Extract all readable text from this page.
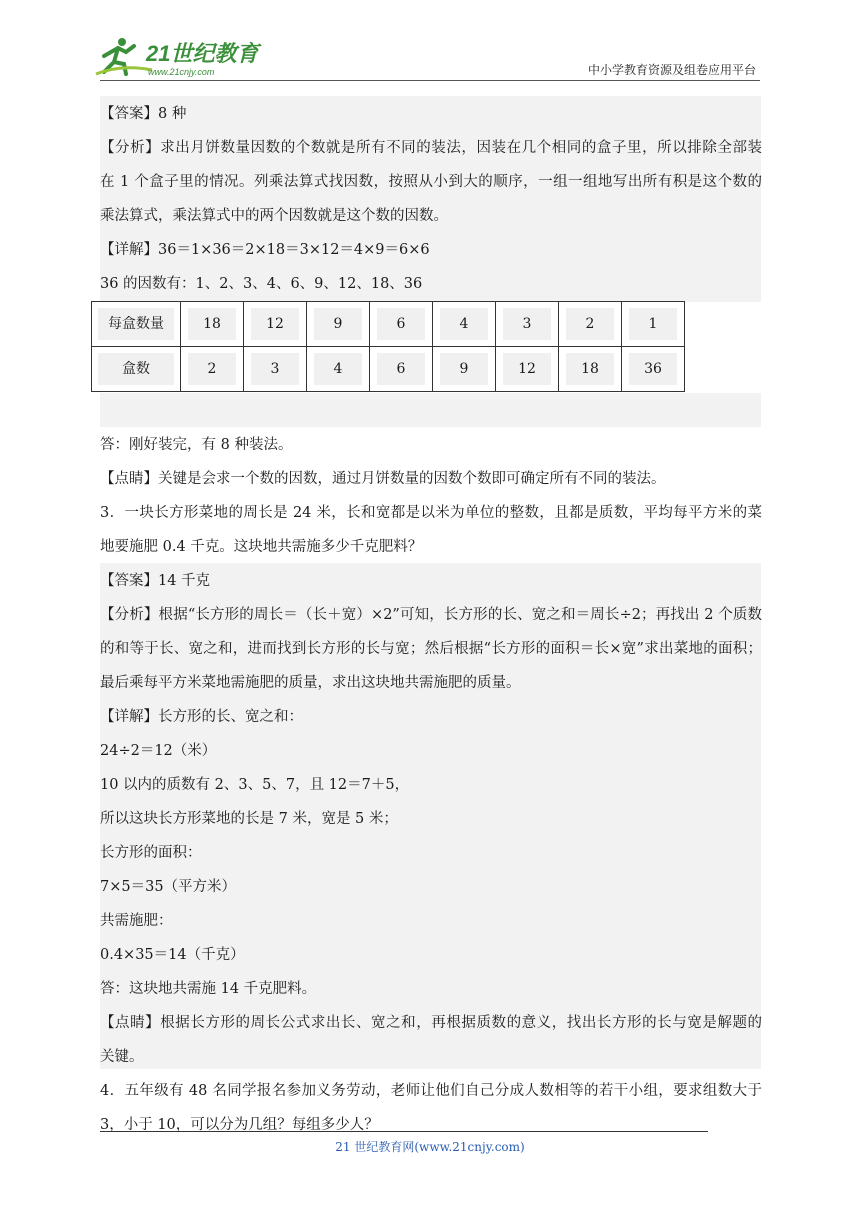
21世纪教育
www.21cnjy.com	中小学教育资源及组卷应用平台
【答案】8 种
【分析】求出月饼数量因数的个数就是所有不同的装法，因装在几个相同的盒子里，所以排除全部装
在 1 个盒子里的情况。列乘法算式找因数，按照从小到大的顺序，一组一组地写出所有积是这个数的
乘法算式，乘法算式中的两个因数就是这个数的因数。
【详解】36＝1×36＝2×18＝3×12＝4×9＝6×6
36 的因数有：1、2、3、4、6、9、12、18、36
每盒数量	18	12	9	6	4	3	2	1
盒数	2	3	4	6	9	12	18	36
答：刚好装完，有 8 种装法。
【点睛】关键是会求一个数的因数，通过月饼数量的因数个数即可确定所有不同的装法。
3．一块长方形菜地的周长是 24 米，长和宽都是以米为单位的整数，且都是质数，平均每平方米的菜
地要施肥 0.4 千克。这块地共需施多少千克肥料？
【答案】14 千克
【分析】根据“长方形的周长＝（长＋宽）×2”可知，长方形的长、宽之和＝周长÷2；再找出 2 个质数
的和等于长、宽之和，进而找到长方形的长与宽；然后根据“长方形的面积＝长×宽”求出菜地的面积；
最后乘每平方米菜地需施肥的质量，求出这块地共需施肥的质量。
【详解】长方形的长、宽之和：
24÷2＝12（米）
10 以内的质数有 2、3、5、7，且 12＝7＋5，
所以这块长方形菜地的长是 7 米，宽是 5 米；
长方形的面积：
7×5＝35（平方米）
共需施肥：
0.4×35＝14（千克）
答：这块地共需施 14 千克肥料。
【点睛】根据长方形的周长公式求出长、宽之和，再根据质数的意义，找出长方形的长与宽是解题的
关键。
4．五年级有 48 名同学报名参加义务劳动，老师让他们自己分成人数相等的若干小组，要求组数大于
3，小于 10，可以分为几组？每组多少人？
21 世纪教育网(www.21cnjy.com)
